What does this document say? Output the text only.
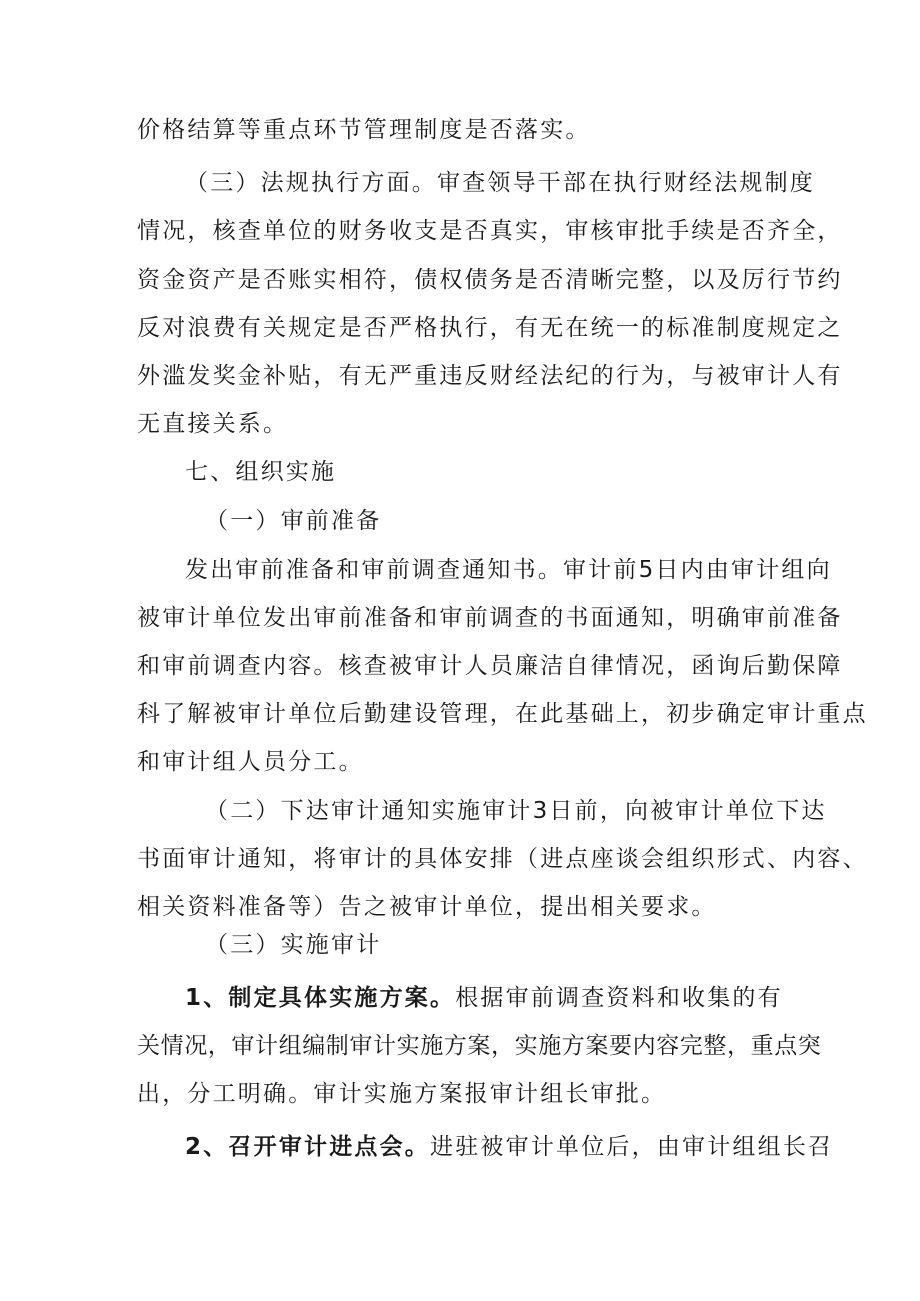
价格结算等重点环节管理制度是否落实。
（三）法规执行方面。审查领导干部在执行财经法规制度
情况，核查单位的财务收支是否真实，审核审批手续是否齐全，
资金资产是否账实相符，债权债务是否清晰完整，以及厉行节约
反对浪费有关规定是否严格执行，有无在统一的标准制度规定之
外滥发奖金补贴，有无严重违反财经法纪的行为，与被审计人有
无直接关系。
七、组织实施
（一）审前准备
发出审前准备和审前调查通知书。审计前5日内由审计组向
被审计单位发出审前准备和审前调查的书面通知，明确审前准备
和审前调查内容。核查被审计人员廉洁自律情况，函询后勤保障
科了解被审计单位后勤建设管理，在此基础上，初步确定审计重点
和审计组人员分工。
（二）下达审计通知实施审计3日前，向被审计单位下达
书面审计通知，将审计的具体安排（进点座谈会组织形式、内容、
相关资料准备等）告之被审计单位，提出相关要求。
（三）实施审计
1、制定具体实施方案。根据审前调查资料和收集的有
关情况，审计组编制审计实施方案，实施方案要内容完整，重点突
出，分工明确。审计实施方案报审计组长审批。
2、召开审计进点会。进驻被审计单位后，由审计组组长召
